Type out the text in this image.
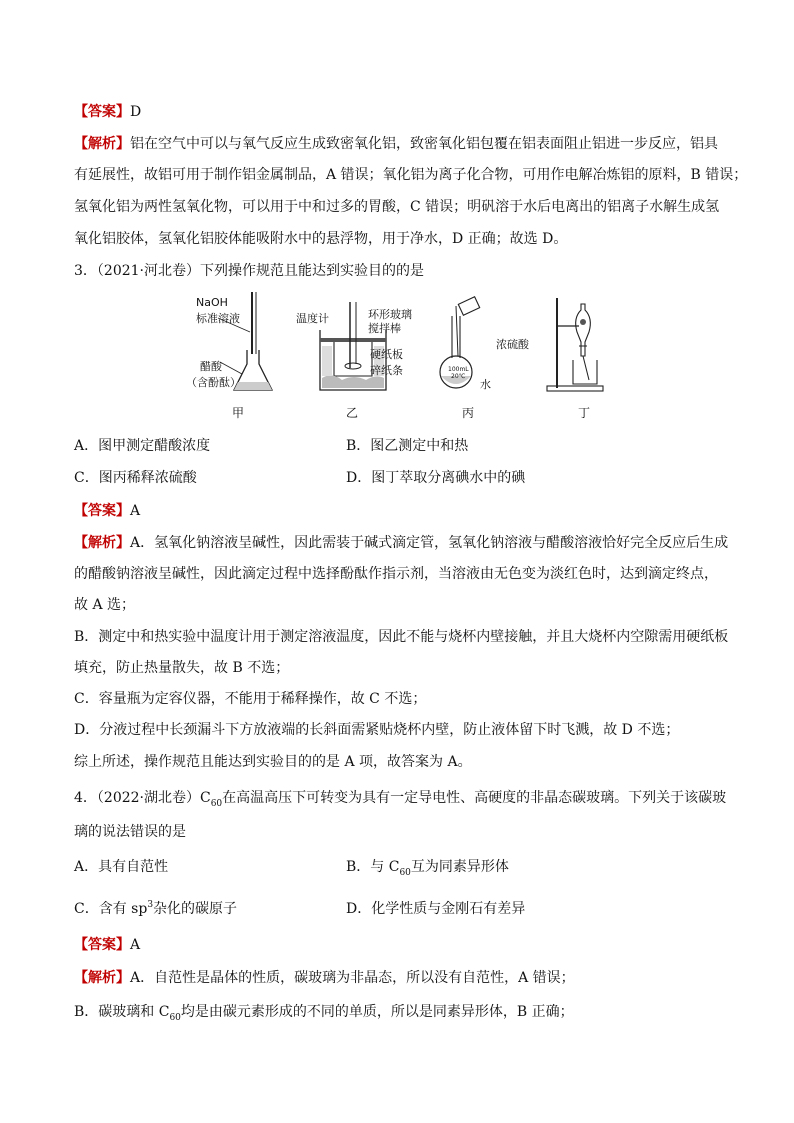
【答案】D
【解析】铝在空气中可以与氧气反应生成致密氧化铝，致密氧化铝包覆在铝表面阻止铝进一步反应，铝具
有延展性，故铝可用于制作铝金属制品，A 错误；氧化铝为离子化合物，可用作电解冶炼铝的原料，B 错误；
氢氧化铝为两性氢氧化物，可以用于中和过多的胃酸，C 错误；明矾溶于水后电离出的铝离子水解生成氢
氧化铝胶体，氢氧化铝胶体能吸附水中的悬浮物，用于净水，D 正确；故选 D。
3．（2021·河北卷）下列操作规范且能达到实验目的的是
NaOH
标准溶液
醋酸
（含酚酞）
温度计	环形玻璃
搅拌棒
硬纸板
碎纸条
浓硫酸
水
100mL
20℃
甲	乙	丙	丁
A．图甲测定醋酸浓度	B．图乙测定中和热
C．图丙稀释浓硫酸	D．图丁萃取分离碘水中的碘
【答案】A
【解析】A．氢氧化钠溶液呈碱性，因此需装于碱式滴定管，氢氧化钠溶液与醋酸溶液恰好完全反应后生成
的醋酸钠溶液呈碱性，因此滴定过程中选择酚酞作指示剂，当溶液由无色变为淡红色时，达到滴定终点，
故 A 选；
B．测定中和热实验中温度计用于测定溶液温度，因此不能与烧杯内壁接触，并且大烧杯内空隙需用硬纸板
填充，防止热量散失，故 B 不选；
C．容量瓶为定容仪器，不能用于稀释操作，故 C 不选；
D．分液过程中长颈漏斗下方放液端的长斜面需紧贴烧杯内壁，防止液体留下时飞溅，故 D 不选；
综上所述，操作规范且能达到实验目的的是 A 项，故答案为 A。
4．（2022·湖北卷）$C_{60}$在高温高压下可转变为具有一定导电性、高硬度的非晶态碳玻璃。下列关于该碳玻
璃的说法错误的是
A．具有自范性	B．与 $C_{60}$互为同素异形体
C．含有 $sp^3$杂化的碳原子	D．化学性质与金刚石有差异
【答案】A
【解析】A．自范性是晶体的性质，碳玻璃为非晶态，所以没有自范性，A 错误；
B．碳玻璃和 $C_{60}$均是由碳元素形成的不同的单质，所以是同素异形体，B 正确；
